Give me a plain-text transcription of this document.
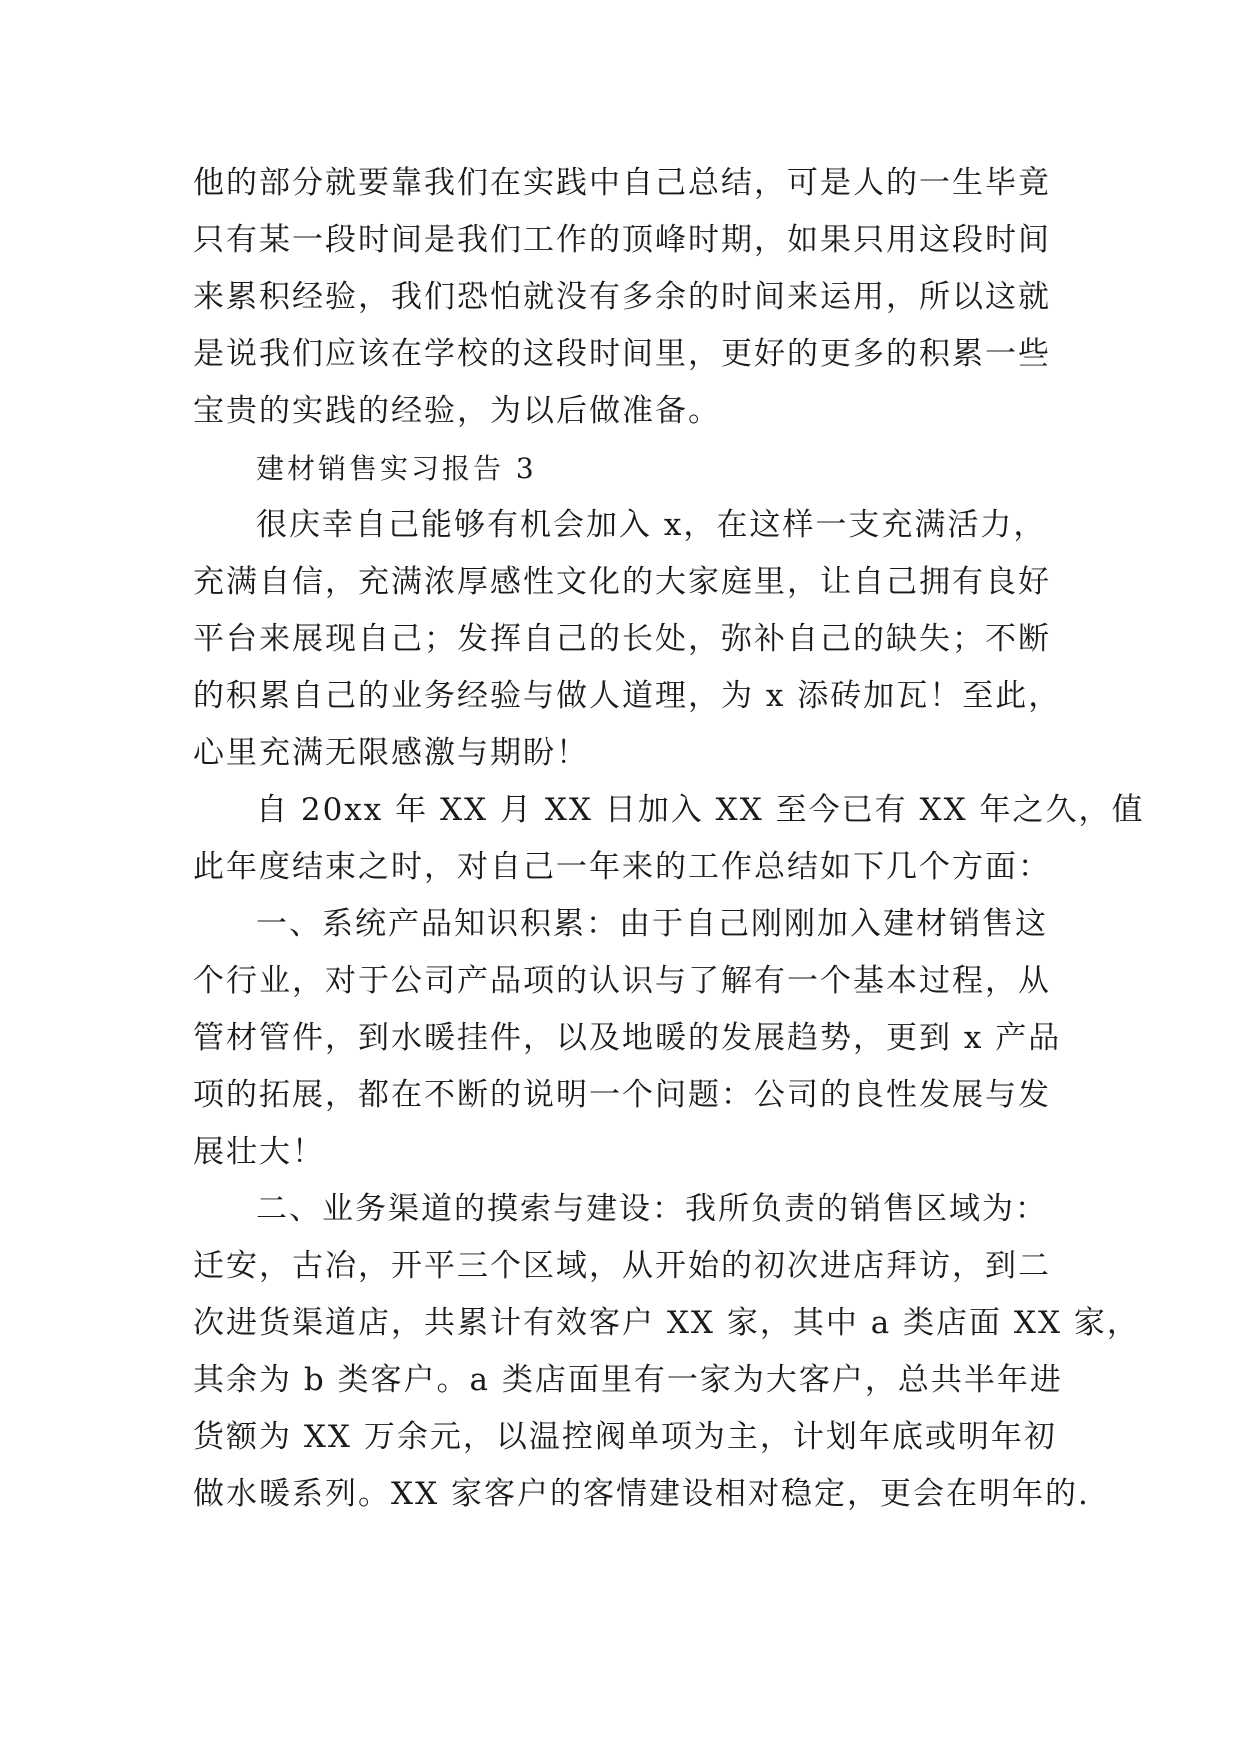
他的部分就要靠我们在实践中自己总结，可是人的一生毕竟
只有某一段时间是我们工作的顶峰时期，如果只用这段时间
来累积经验，我们恐怕就没有多余的时间来运用，所以这就
是说我们应该在学校的这段时间里，更好的更多的积累一些
宝贵的实践的经验，为以后做准备。
建材销售实习报告 3
很庆幸自己能够有机会加入 x，在这样一支充满活力，
充满自信，充满浓厚感性文化的大家庭里，让自己拥有良好
平台来展现自己；发挥自己的长处，弥补自己的缺失；不断
的积累自己的业务经验与做人道理，为 x 添砖加瓦！至此，
心里充满无限感激与期盼！
自 20xx 年 XX 月 XX 日加入 XX 至今已有 XX 年之久，值
此年度结束之时，对自己一年来的工作总结如下几个方面：
一、系统产品知识积累：由于自己刚刚加入建材销售这
个行业，对于公司产品项的认识与了解有一个基本过程，从
管材管件，到水暖挂件，以及地暖的发展趋势，更到 x 产品
项的拓展，都在不断的说明一个问题：公司的良性发展与发
展壮大！
二、业务渠道的摸索与建设：我所负责的销售区域为：
迁安，古冶，开平三个区域，从开始的初次进店拜访，到二
次进货渠道店，共累计有效客户 XX 家，其中 a 类店面 XX 家，
其余为 b 类客户。a 类店面里有一家为大客户，总共半年进
货额为 XX 万余元，以温控阀单项为主，计划年底或明年初
做水暖系列。XX 家客户的客情建设相对稳定，更会在明年的.
